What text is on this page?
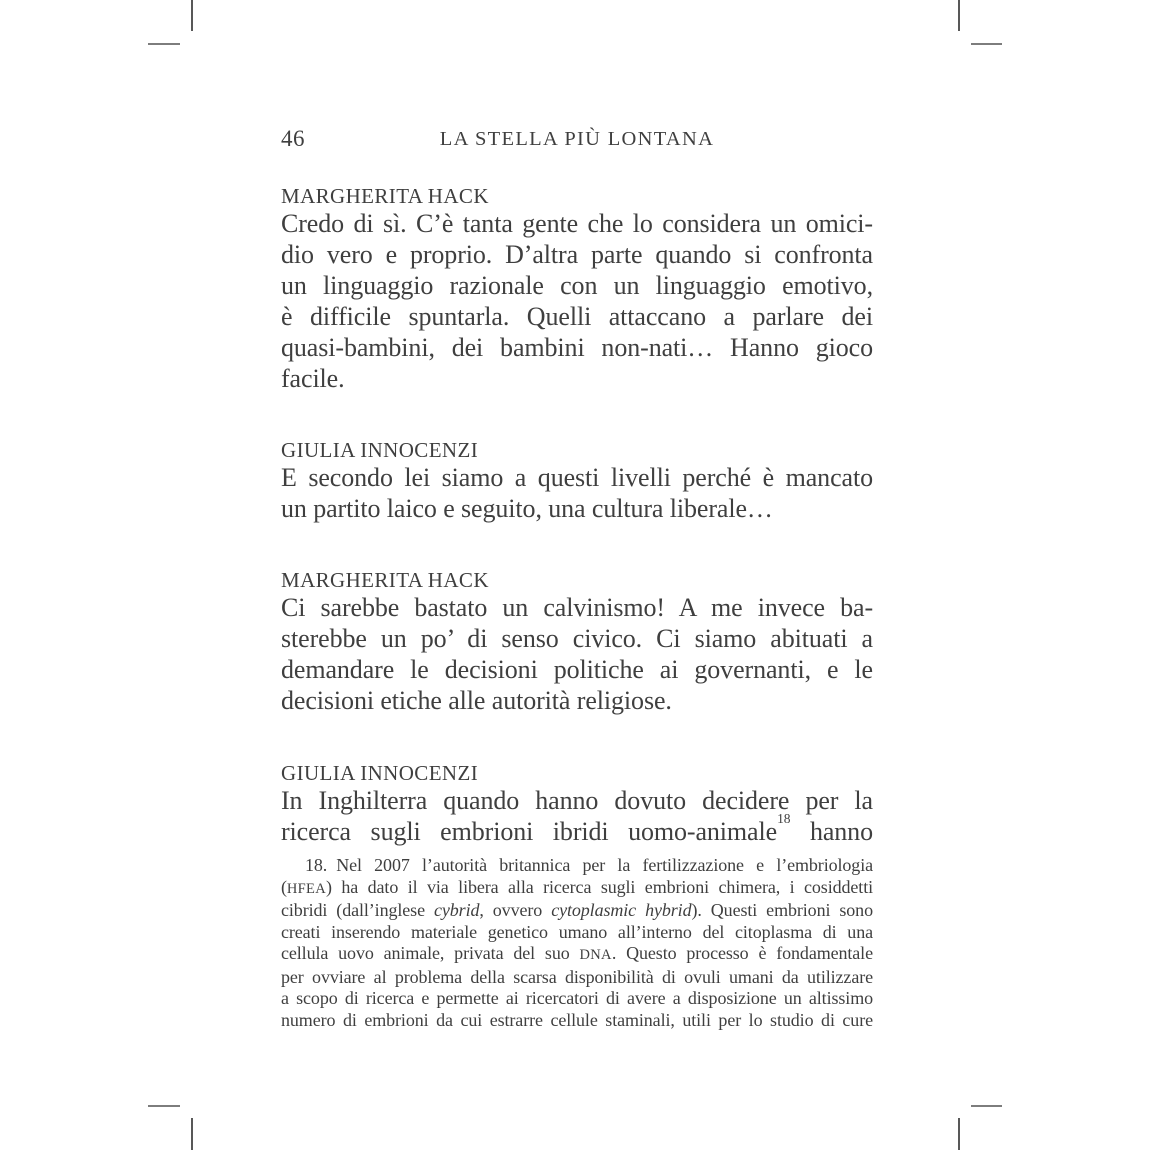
46	LA STELLA PIÙ LONTANA
MARGHERITA HACK
Credo di sì. C’è tanta gente che lo considera un omici-
dio vero e proprio. D’altra parte quando si confronta
un linguaggio razionale con un linguaggio emotivo,
è difficile spuntarla. Quelli attaccano a parlare dei
quasi-bambini, dei bambini non-nati… Hanno gioco
facile.
GIULIA INNOCENZI
E secondo lei siamo a questi livelli perché è mancato
un partito laico e seguito, una cultura liberale…
MARGHERITA HACK
Ci sarebbe bastato un calvinismo! A me invece ba-
sterebbe un po’ di senso civico. Ci siamo abituati a
demandare le decisioni politiche ai governanti, e le
decisioni etiche alle autorità religiose.
GIULIA INNOCENZI
In Inghilterra quando hanno dovuto decidere per la
ricerca sugli embrioni ibridi uomo-animale$^{18}$ hanno
18. Nel 2007 l’autorità britannica per la fertilizzazione e l’embriologia
(HFEA) ha dato il via libera alla ricerca sugli embrioni chimera, i cosiddetti
cibridi (dall’inglese cybrid, ovvero cytoplasmic hybrid). Questi embrioni sono
creati inserendo materiale genetico umano all’interno del citoplasma di una
cellula uovo animale, privata del suo DNA. Questo processo è fondamentale
per ovviare al problema della scarsa disponibilità di ovuli umani da utilizzare
a scopo di ricerca e permette ai ricercatori di avere a disposizione un altissimo
numero di embrioni da cui estrarre cellule staminali, utili per lo studio di cure
